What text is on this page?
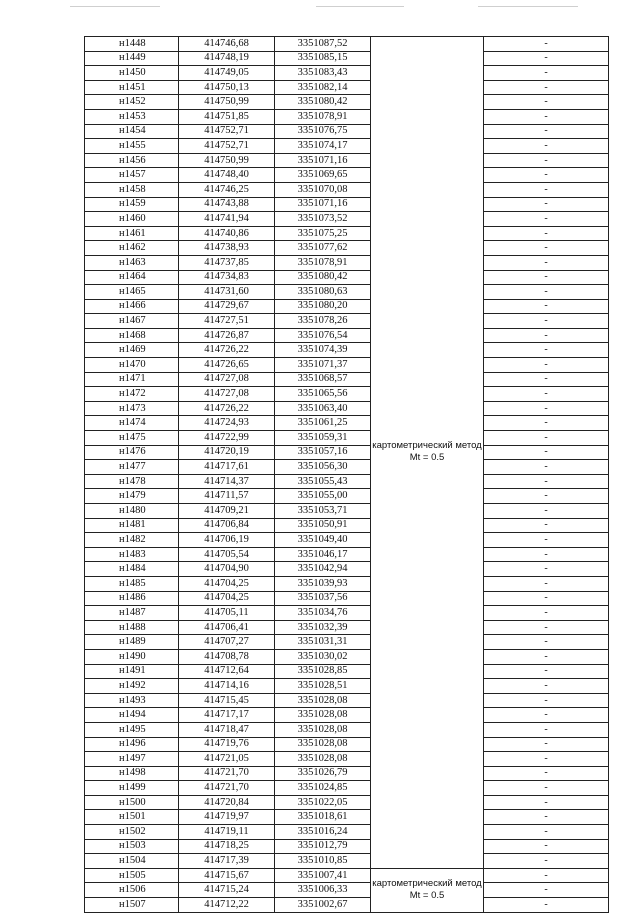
н1448	414746,68	3351087,52	картометрический метод Mt = 0.5	-
н1449	414748,19	3351085,15		-
н1450	414749,05	3351083,43		-
н1451	414750,13	3351082,14		-
н1452	414750,99	3351080,42		-
н1453	414751,85	3351078,91		-
н1454	414752,71	3351076,75		-
н1455	414752,71	3351074,17		-
н1456	414750,99	3351071,16		-
н1457	414748,40	3351069,65		-
н1458	414746,25	3351070,08		-
н1459	414743,88	3351071,16		-
н1460	414741,94	3351073,52		-
н1461	414740,86	3351075,25		-
н1462	414738,93	3351077,62		-
н1463	414737,85	3351078,91		-
н1464	414734,83	3351080,42		-
н1465	414731,60	3351080,63		-
н1466	414729,67	3351080,20		-
н1467	414727,51	3351078,26		-
н1468	414726,87	3351076,54		-
н1469	414726,22	3351074,39		-
н1470	414726,65	3351071,37		-
н1471	414727,08	3351068,57		-
н1472	414727,08	3351065,56		-
н1473	414726,22	3351063,40		-
н1474	414724,93	3351061,25		-
н1475	414722,99	3351059,31		-
н1476	414720,19	3351057,16		-
н1477	414717,61	3351056,30		-
н1478	414714,37	3351055,43		-
н1479	414711,57	3351055,00		-
н1480	414709,21	3351053,71		-
н1481	414706,84	3351050,91		-
н1482	414706,19	3351049,40		-
н1483	414705,54	3351046,17		-
н1484	414704,90	3351042,94		-
н1485	414704,25	3351039,93		-
н1486	414704,25	3351037,56		-
н1487	414705,11	3351034,76		-
н1488	414706,41	3351032,39		-
н1489	414707,27	3351031,31		-
н1490	414708,78	3351030,02		-
н1491	414712,64	3351028,85		-
н1492	414714,16	3351028,51		-
н1493	414715,45	3351028,08		-
н1494	414717,17	3351028,08		-
н1495	414718,47	3351028,08		-
н1496	414719,76	3351028,08		-
н1497	414721,05	3351028,08		-
н1498	414721,70	3351026,79		-
н1499	414721,70	3351024,85		-
н1500	414720,84	3351022,05		-
н1501	414719,97	3351018,61		-
н1502	414719,11	3351016,24		-
н1503	414718,25	3351012,79		-
н1504	414717,39	3351010,85		-
н1505	414715,67	3351007,41	картометрический метод Mt = 0.5	-
н1506	414715,24	3351006,33		-
н1507	414712,22	3351002,67		-
